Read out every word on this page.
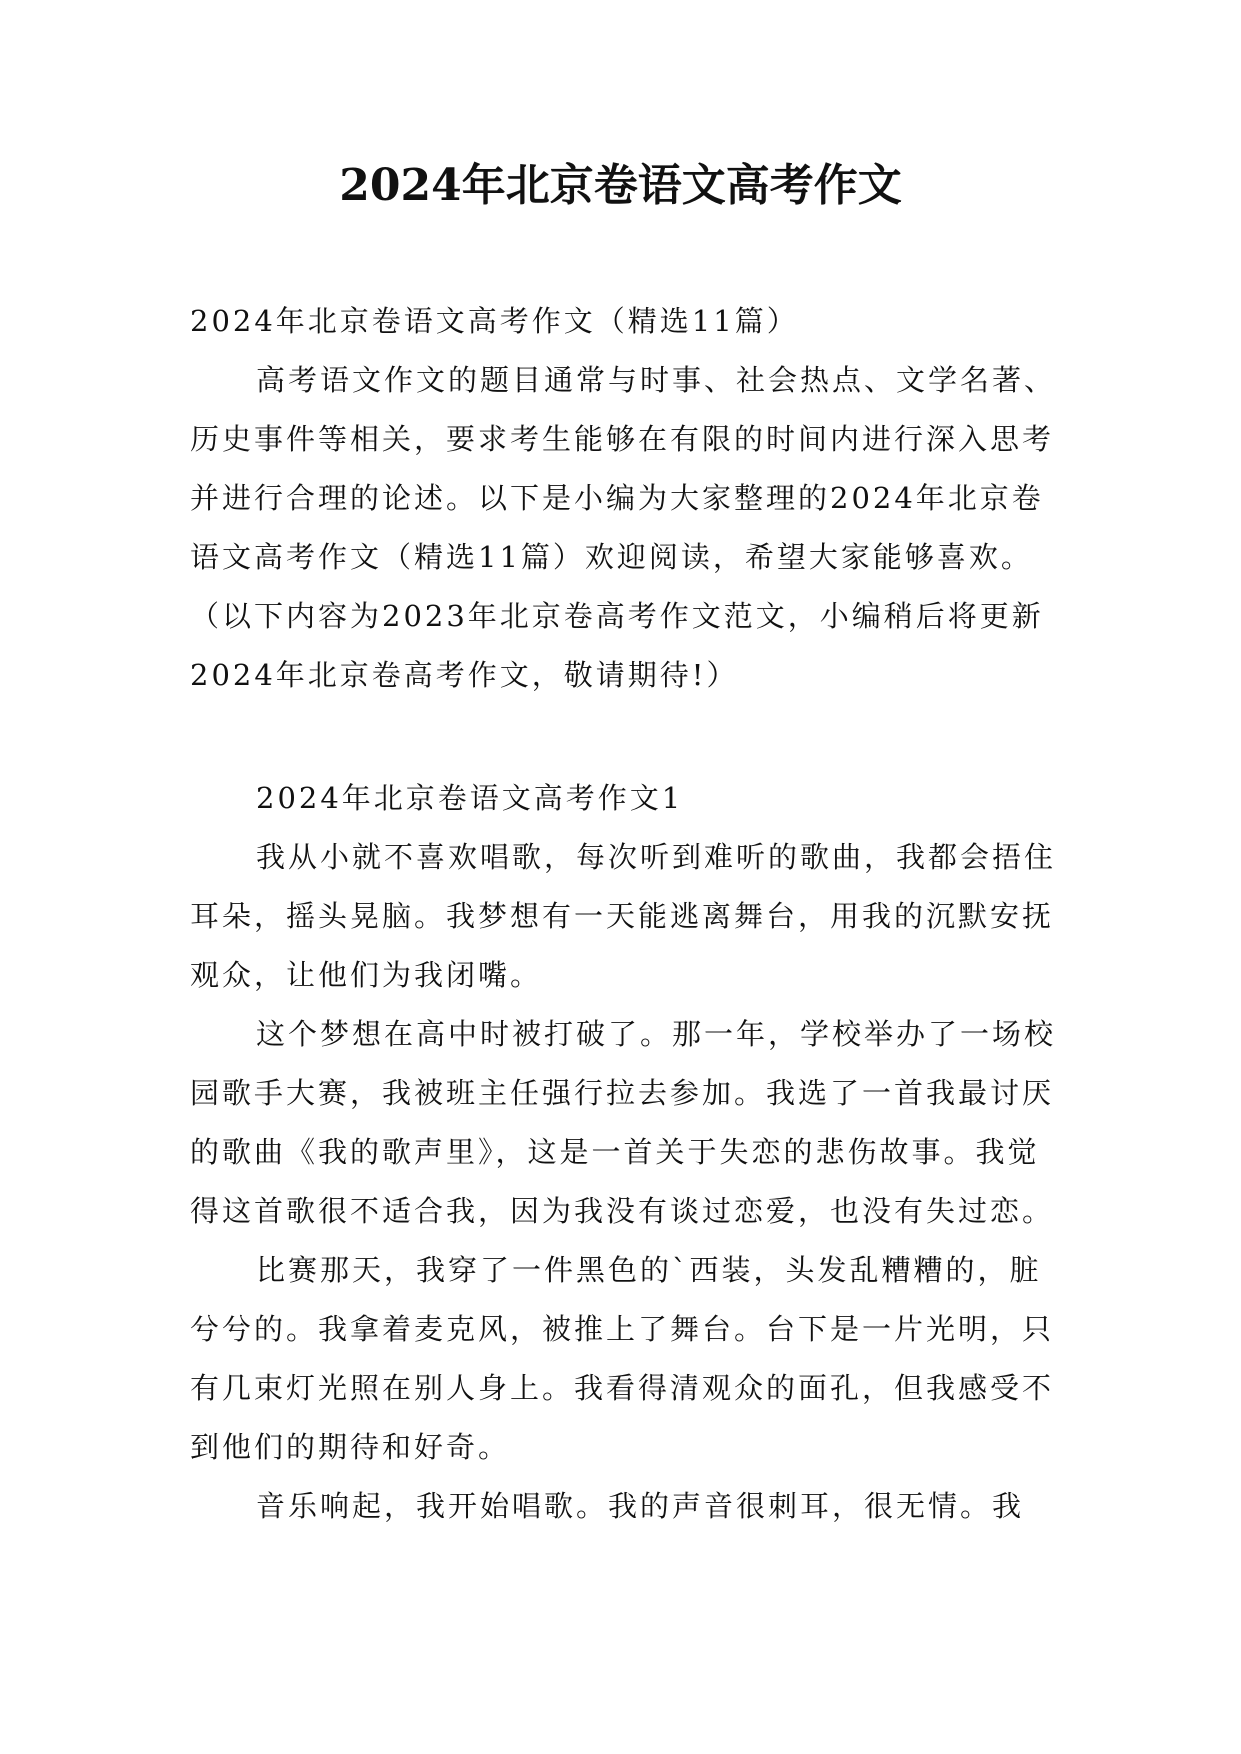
2024年北京卷语文高考作文

2024年北京卷语文高考作文（精选11篇）

高考语文作文的题目通常与时事、社会热点、文学名著、历史事件等相关，要求考生能够在有限的时间内进行深入思考并进行合理的论述。以下是小编为大家整理的2024年北京卷语文高考作文（精选11篇）欢迎阅读，希望大家能够喜欢。（以下内容为2023年北京卷高考作文范文，小编稍后将更新2024年北京卷高考作文，敬请期待!）

2024年北京卷语文高考作文1

我从小就不喜欢唱歌，每次听到难听的歌曲，我都会捂住耳朵，摇头晃脑。我梦想有一天能逃离舞台，用我的沉默安抚观众，让他们为我闭嘴。

这个梦想在高中时被打破了。那一年，学校举办了一场校园歌手大赛，我被班主任强行拉去参加。我选了一首我最讨厌的歌曲《我的歌声里》，这是一首关于失恋的悲伤故事。我觉得这首歌很不适合我，因为我没有谈过恋爱，也没有失过恋。

比赛那天，我穿了一件黑色的`西装，头发乱糟糟的，脏兮兮的。我拿着麦克风，被推上了舞台。台下是一片光明，只有几束灯光照在别人身上。我看得清观众的面孔，但我感受不到他们的期待和好奇。

音乐响起，我开始唱歌。我的声音很刺耳，很无情。我
